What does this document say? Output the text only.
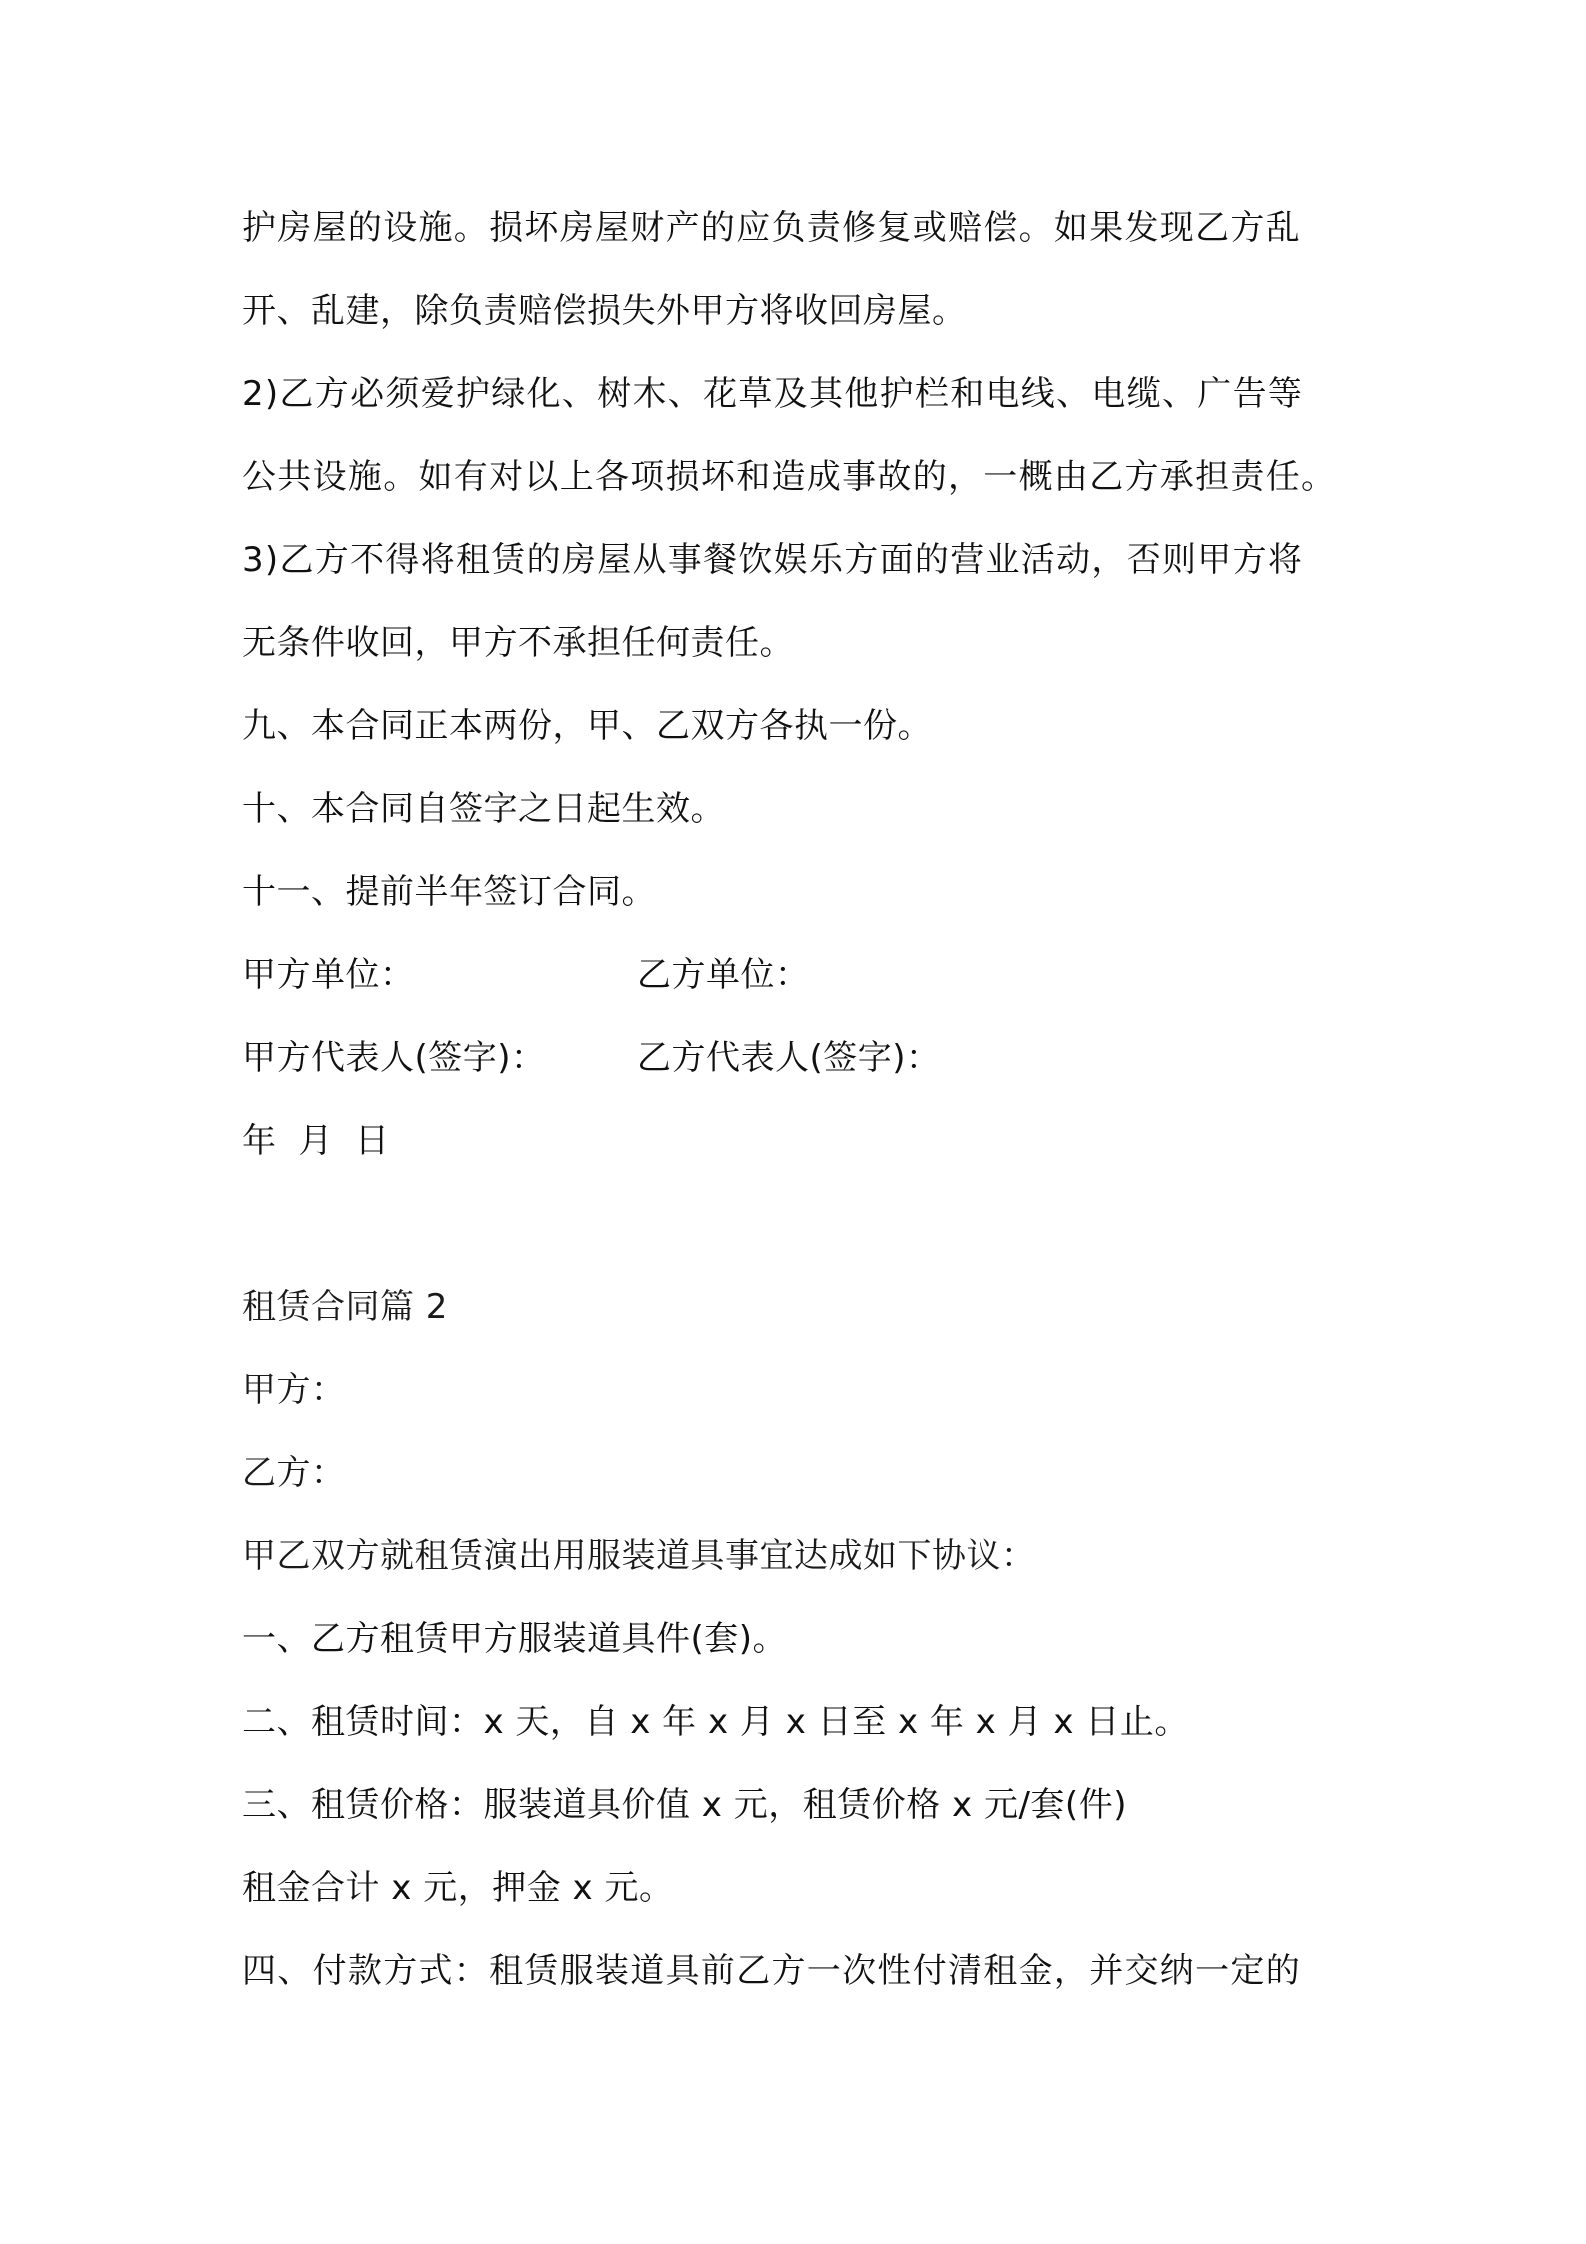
护房屋的设施。损坏房屋财产的应负责修复或赔偿。如果发现乙方乱
开、乱建，除负责赔偿损失外甲方将收回房屋。
2)乙方必须爱护绿化、树木、花草及其他护栏和电线、电缆、广告等
公共设施。如有对以上各项损坏和造成事故的，一概由乙方承担责任。
3)乙方不得将租赁的房屋从事餐饮娱乐方面的营业活动，否则甲方将
无条件收回，甲方不承担任何责任。
九、本合同正本两份，甲、乙双方各执一份。
十、本合同自签字之日起生效。
十一、提前半年签订合同。
甲方单位：	乙方单位：
甲方代表人(签字)：	乙方代表人(签字)：
年 月 日
租赁合同篇 2
甲方：
乙方：
甲乙双方就租赁演出用服装道具事宜达成如下协议：
一、乙方租赁甲方服装道具件(套)。
二、租赁时间：x 天，自 x 年 x 月 x 日至 x 年 x 月 x 日止。
三、租赁价格：服装道具价值 x 元，租赁价格 x 元/套(件)
租金合计 x 元，押金 x 元。
四、付款方式：租赁服装道具前乙方一次性付清租金，并交纳一定的
